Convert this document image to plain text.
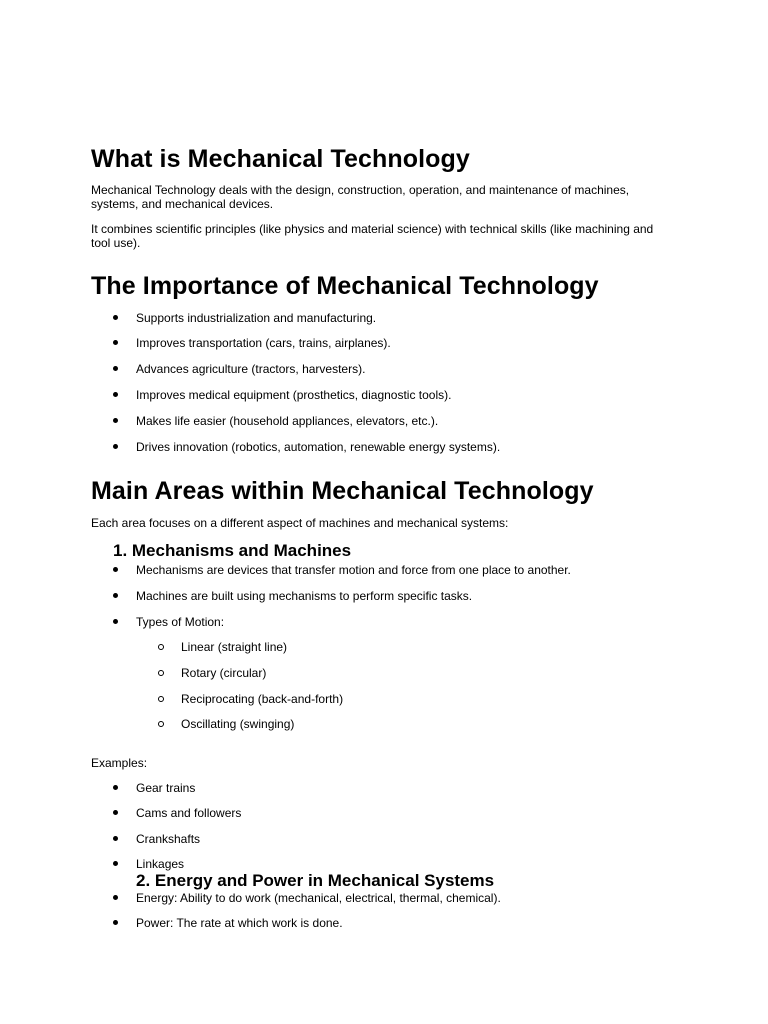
What is Mechanical Technology

Mechanical Technology deals with the design, construction, operation, and maintenance of machines, systems, and mechanical devices.

It combines scientific principles (like physics and material science) with technical skills (like machining and tool use).

The Importance of Mechanical Technology
Supports industrialization and manufacturing.
Improves transportation (cars, trains, airplanes).
Advances agriculture (tractors, harvesters).
Improves medical equipment (prosthetics, diagnostic tools).
Makes life easier (household appliances, elevators, etc.).
Drives innovation (robotics, automation, renewable energy systems).
Main Areas within Mechanical Technology

Each area focuses on a different aspect of machines and mechanical systems:

1. Mechanisms and Machines
Mechanisms are devices that transfer motion and force from one place to another.
Machines are built using mechanisms to perform specific tasks.
Types of Motion:
Linear (straight line)
Rotary (circular)
Reciprocating (back-and-forth)
Oscillating (swinging)

Examples:

Gear trains
Cams and followers
Crankshafts
Linkages
2. Energy and Power in Mechanical Systems
Energy: Ability to do work (mechanical, electrical, thermal, chemical).
Power: The rate at which work is done.
